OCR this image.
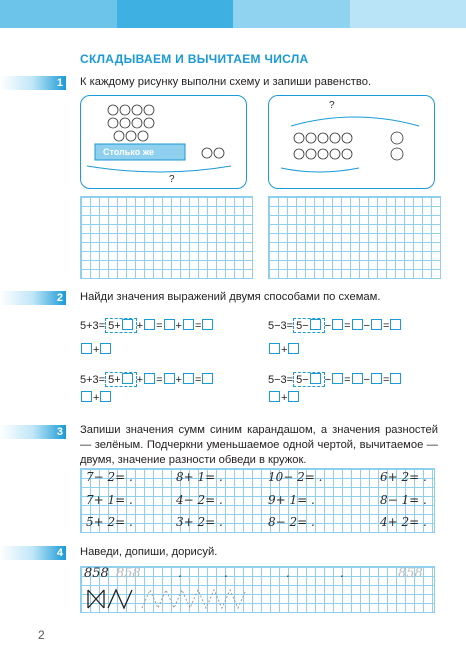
СКЛАДЫВАЕМ И ВЫЧИТАЕМ ЧИСЛА
1 К каждому рисунку выполни схему и запиши равенство.
Столько же
?
?
2 Найди значения выражений двумя способами по схемам.
5+3= 5+ + = + =
+
5−3= 5− − = − =
+
5+3= 5+ + = + =
+
5−3= 5− − = − =
+
3 Запиши значения сумм синим карандашом, а значения разностей — зелёным. Подчеркни уменьшаемое одной чертой, вычитаемое — двумя, значение разности обведи в кружок.
7− 2= .	8+ 1= .	10− 2= .	6+ 2= .
7+ 1= .	4− 2= .	9+ 1= .	8− 1= .
5+ 2= .	3+ 2= .	8− 2= .	4+ 2= .
4 Наведи, допиши, дорисуй.
858 858	.	.	.	.	858
2
